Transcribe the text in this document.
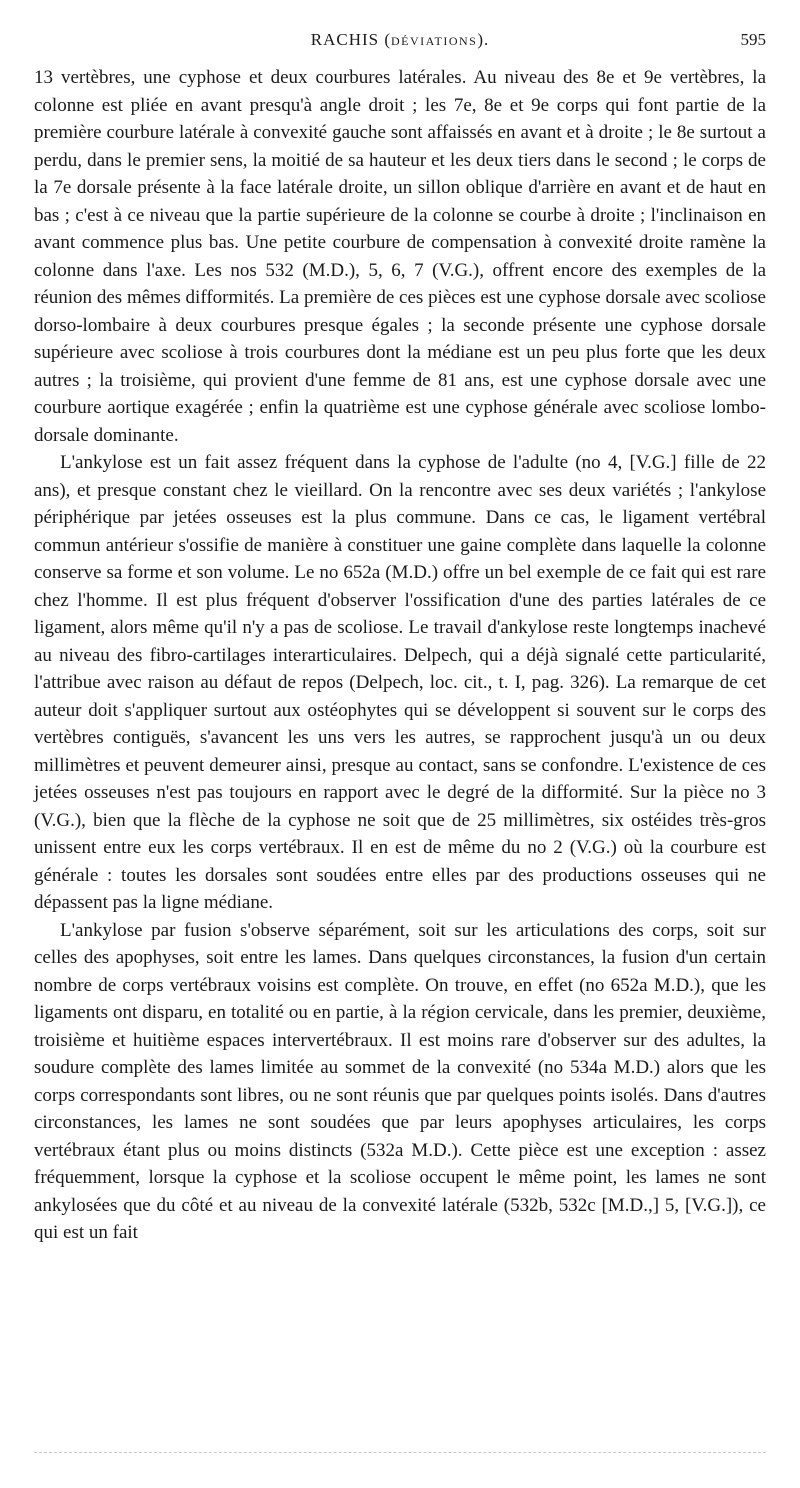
RACHIS (DÉVIATIONS).	595

13 vertèbres, une cyphose et deux courbures latérales. Au niveau des 8e et 9e vertèbres, la colonne est pliée en avant presqu'à angle droit ; les 7e, 8e et 9e corps qui font partie de la première courbure latérale à convexité gauche sont affaissés en avant et à droite ; le 8e surtout a perdu, dans le premier sens, la moitié de sa hauteur et les deux tiers dans le second ; le corps de la 7e dorsale présente à la face latérale droite, un sillon oblique d'arrière en avant et de haut en bas ; c'est à ce niveau que la partie supérieure de la colonne se courbe à droite ; l'inclinaison en avant commence plus bas. Une petite courbure de compensation à convexité droite ramène la colonne dans l'axe. Les nos 532 (M.D.), 5, 6, 7 (V.G.), offrent encore des exemples de la réunion des mêmes difformités. La première de ces pièces est une cyphose dorsale avec scoliose dorso-lombaire à deux courbures presque égales ; la seconde présente une cyphose dorsale supérieure avec scoliose à trois courbures dont la médiane est un peu plus forte que les deux autres ; la troisième, qui provient d'une femme de 81 ans, est une cyphose dorsale avec une courbure aortique exagérée ; enfin la quatrième est une cyphose générale avec scoliose lombo-dorsale dominante.

L'ankylose est un fait assez fréquent dans la cyphose de l'adulte (no 4, [V.G.] fille de 22 ans), et presque constant chez le vieillard. On la rencontre avec ses deux variétés ; l'ankylose périphérique par jetées osseuses est la plus commune. Dans ce cas, le ligament vertébral commun antérieur s'ossifie de manière à constituer une gaine complète dans laquelle la colonne conserve sa forme et son volume. Le no 652a (M.D.) offre un bel exemple de ce fait qui est rare chez l'homme. Il est plus fréquent d'observer l'ossification d'une des parties latérales de ce ligament, alors même qu'il n'y a pas de scoliose. Le travail d'ankylose reste longtemps inachevé au niveau des fibro-cartilages interarticulaires. Delpech, qui a déjà signalé cette particularité, l'attribue avec raison au défaut de repos (Delpech, loc. cit., t. I, pag. 326). La remarque de cet auteur doit s'appliquer surtout aux ostéophytes qui se développent si souvent sur le corps des vertèbres contiguës, s'avancent les uns vers les autres, se rapprochent jusqu'à un ou deux millimètres et peuvent demeurer ainsi, presque au contact, sans se confondre. L'existence de ces jetées osseuses n'est pas toujours en rapport avec le degré de la difformité. Sur la pièce no 3 (V.G.), bien que la flèche de la cyphose ne soit que de 25 millimètres, six ostéides très-gros unissent entre eux les corps vertébraux. Il en est de même du no 2 (V.G.) où la courbure est générale : toutes les dorsales sont soudées entre elles par des productions osseuses qui ne dépassent pas la ligne médiane.

L'ankylose par fusion s'observe séparément, soit sur les articulations des corps, soit sur celles des apophyses, soit entre les lames. Dans quelques circonstances, la fusion d'un certain nombre de corps vertébraux voisins est complète. On trouve, en effet (no 652a M.D.), que les ligaments ont disparu, en totalité ou en partie, à la région cervicale, dans les premier, deuxième, troisième et huitième espaces intervertébraux. Il est moins rare d'observer sur des adultes, la soudure complète des lames limitée au sommet de la convexité (no 534a M.D.) alors que les corps correspondants sont libres, ou ne sont réunis que par quelques points isolés. Dans d'autres circonstances, les lames ne sont soudées que par leurs apophyses articulaires, les corps vertébraux étant plus ou moins distincts (532a M.D.). Cette pièce est une exception : assez fréquemment, lorsque la cyphose et la scoliose occupent le même point, les lames ne sont ankylosées que du côté et au niveau de la convexité latérale (532b, 532c [M.D.,] 5, [V.G.]), ce qui est un fait
